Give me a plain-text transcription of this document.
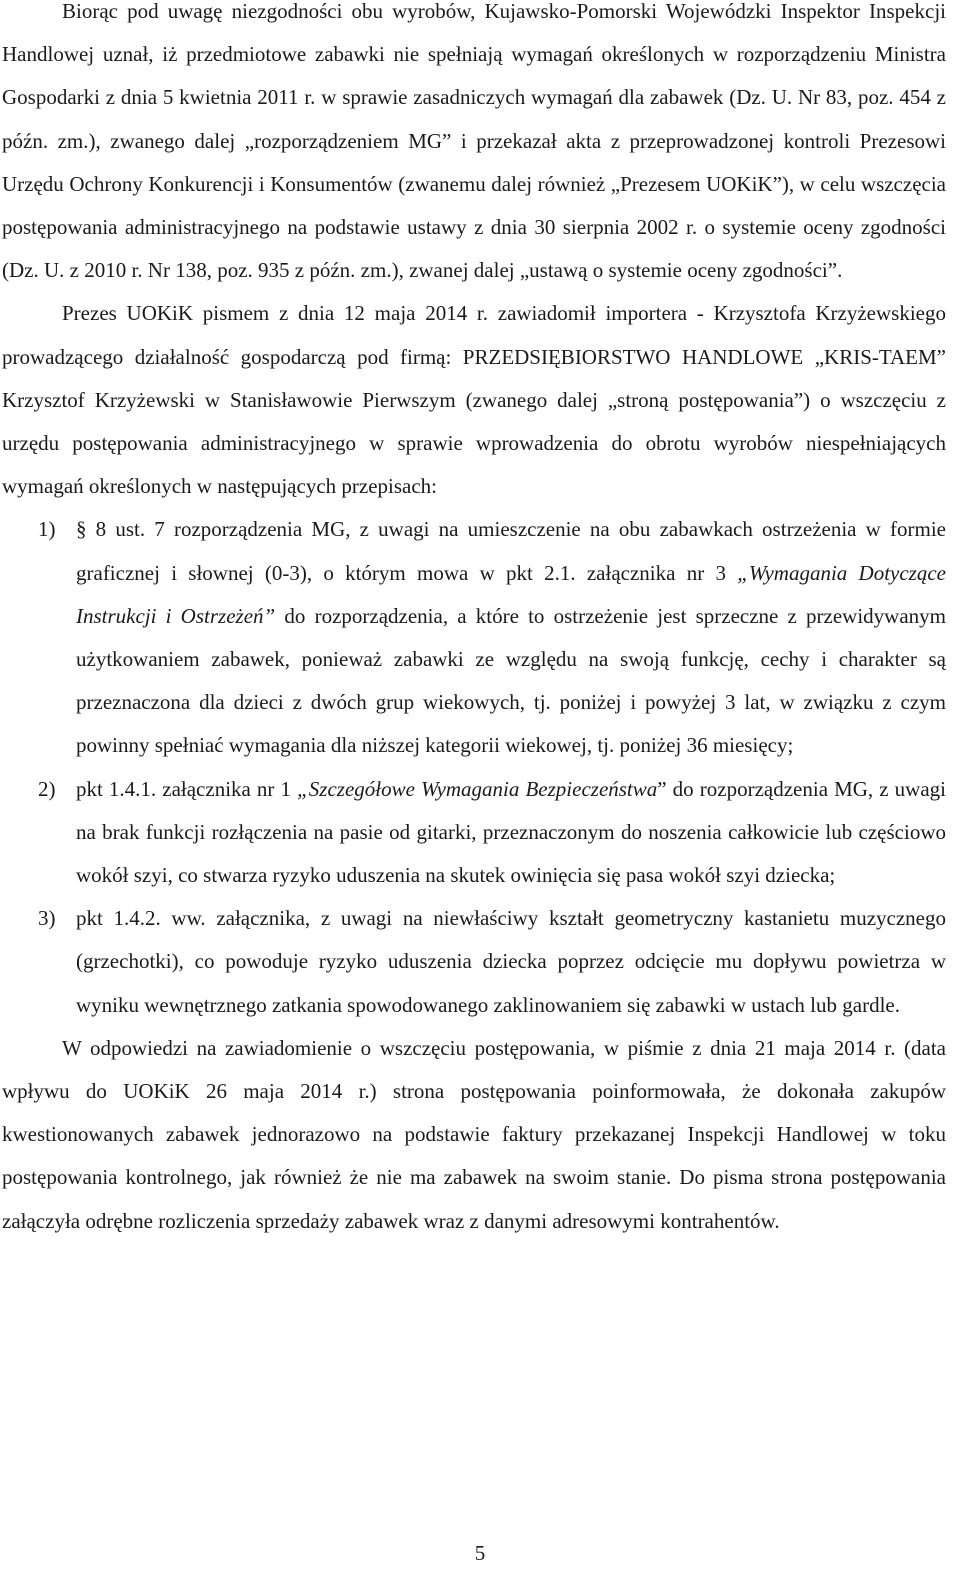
Biorąc pod uwagę niezgodności obu wyrobów, Kujawsko-Pomorski Wojewódzki Inspektor Inspekcji Handlowej uznał, iż przedmiotowe zabawki nie spełniają wymagań określonych w rozporządzeniu Ministra Gospodarki z dnia 5 kwietnia 2011 r. w sprawie zasadniczych wymagań dla zabawek (Dz. U. Nr 83, poz. 454 z późn. zm.), zwanego dalej „rozporządzeniem MG” i przekazał akta z przeprowadzonej kontroli Prezesowi Urzędu Ochrony Konkurencji i Konsumentów (zwanemu dalej również „Prezesem UOKiK”), w celu wszczęcia postępowania administracyjnego na podstawie ustawy z dnia 30 sierpnia 2002 r. o systemie oceny zgodności (Dz. U. z 2010 r. Nr 138, poz. 935 z późn. zm.), zwanej dalej „ustawą o systemie oceny zgodności”.

Prezes UOKiK pismem z dnia 12 maja 2014 r. zawiadomił importera - Krzysztofa Krzyżewskiego prowadzącego działalność gospodarczą pod firmą: PRZEDSIĘBIORSTWO HANDLOWE „KRIS-TAEM” Krzysztof Krzyżewski w Stanisławowie Pierwszym (zwanego dalej „stroną postępowania”) o wszczęciu z urzędu postępowania administracyjnego w sprawie wprowadzenia do obrotu wyrobów niespełniających wymagań określonych w następujących przepisach:

1) § 8 ust. 7 rozporządzenia MG, z uwagi na umieszczenie na obu zabawkach ostrzeżenia w formie graficznej i słownej (0-3), o którym mowa w pkt 2.1. załącznika nr 3 „Wymagania Dotyczące Instrukcji i Ostrzeżeń” do rozporządzenia, a które to ostrzeżenie jest sprzeczne z przewidywanym użytkowaniem zabawek, ponieważ zabawki ze względu na swoją funkcję, cechy i charakter są przeznaczona dla dzieci z dwóch grup wiekowych, tj. poniżej i powyżej 3 lat, w związku z czym powinny spełniać wymagania dla niższej kategorii wiekowej, tj. poniżej 36 miesięcy;
2) pkt 1.4.1. załącznika nr 1 „Szczegółowe Wymagania Bezpieczeństwa” do rozporządzenia MG, z uwagi na brak funkcji rozłączenia na pasie od gitarki, przeznaczonym do noszenia całkowicie lub częściowo wokół szyi, co stwarza ryzyko uduszenia na skutek owinięcia się pasa wokół szyi dziecka;
3) pkt 1.4.2. ww. załącznika, z uwagi na niewłaściwy kształt geometryczny kastanietu muzycznego (grzechotki), co powoduje ryzyko uduszenia dziecka poprzez odcięcie mu dopływu powietrza w wyniku wewnętrznego zatkania spowodowanego zaklinowaniem się zabawki w ustach lub gardle.

W odpowiedzi na zawiadomienie o wszczęciu postępowania, w piśmie z dnia 21 maja 2014 r. (data wpływu do UOKiK 26 maja 2014 r.) strona postępowania poinformowała, że dokonała zakupów kwestionowanych zabawek jednorazowo na podstawie faktury przekazanej Inspekcji Handlowej w toku postępowania kontrolnego, jak również że nie ma zabawek na swoim stanie. Do pisma strona postępowania załączyła odrębne rozliczenia sprzedaży zabawek wraz z danymi adresowymi kontrahentów.

5
